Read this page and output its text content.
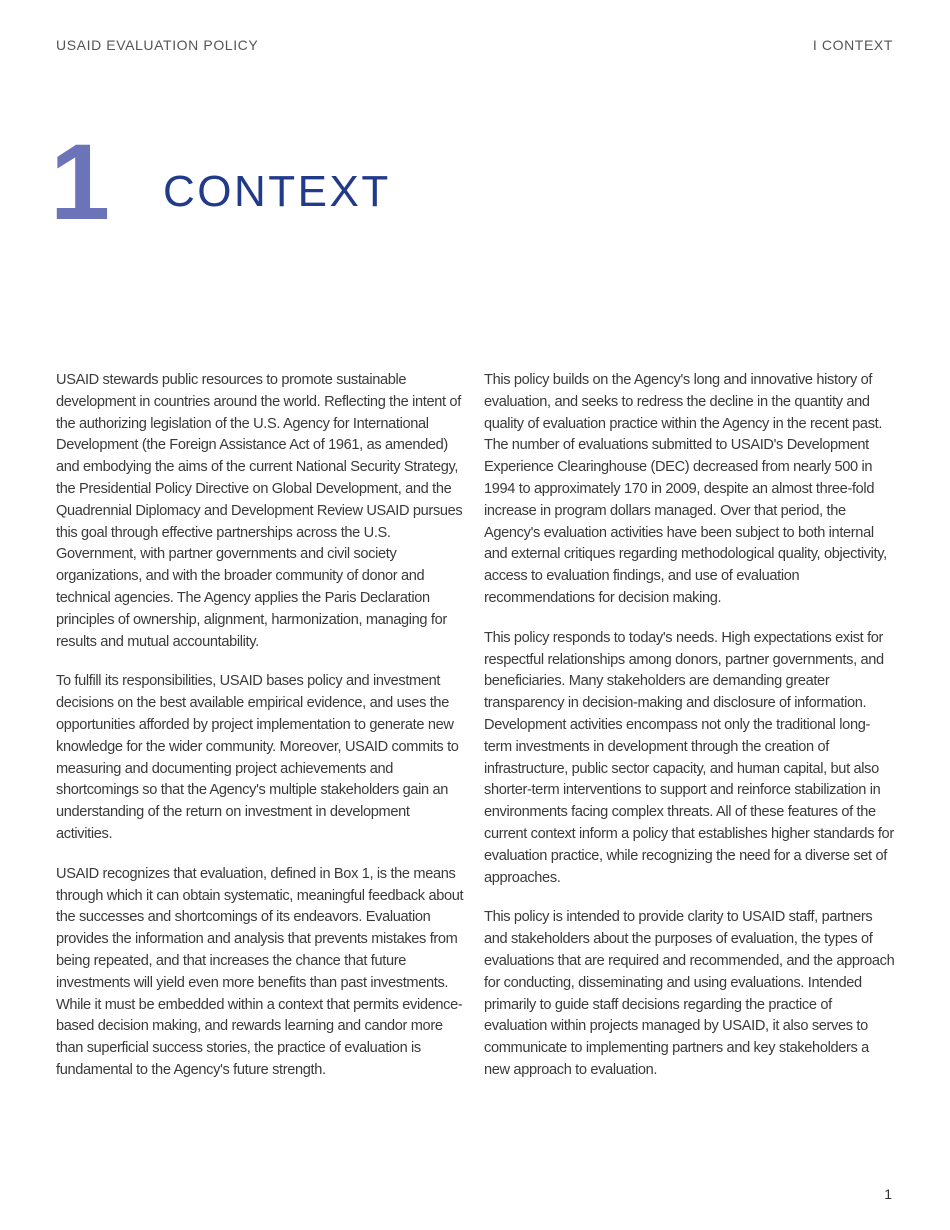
USAID EVALUATION POLICY	I CONTEXT
1 CONTEXT

USAID stewards public resources to promote sustainable development in countries around the world. Reflecting the intent of the authorizing legislation of the U.S. Agency for International Development (the Foreign Assistance Act of 1961, as amended) and embodying the aims of the current National Security Strategy, the Presidential Policy Directive on Global Development, and the Quadrennial Diplomacy and Development Review USAID pursues this goal through effective partnerships across the U.S. Government, with partner governments and civil society organizations, and with the broader community of donor and technical agencies. The Agency applies the Paris Declaration principles of ownership, alignment, harmonization, managing for results and mutual accountability.

To fulfill its responsibilities, USAID bases policy and investment decisions on the best available empirical evidence, and uses the opportunities afforded by project implementation to generate new knowledge for the wider community. Moreover, USAID commits to measuring and documenting project achievements and shortcomings so that the Agency's multiple stakeholders gain an understanding of the return on investment in development activities.

USAID recognizes that evaluation, defined in Box 1, is the means through which it can obtain systematic, meaningful feedback about the successes and shortcomings of its endeavors. Evaluation provides the information and analysis that prevents mistakes from being repeated, and that increases the chance that future investments will yield even more benefits than past investments. While it must be embedded within a context that permits evidence-based decision making, and rewards learning and candor more than superficial success stories, the practice of evaluation is fundamental to the Agency's future strength.

This policy builds on the Agency's long and innovative history of evaluation, and seeks to redress the decline in the quantity and quality of evaluation practice within the Agency in the recent past. The number of evaluations submitted to USAID's Development Experience Clearinghouse (DEC) decreased from nearly 500 in 1994 to approximately 170 in 2009, despite an almost three-fold increase in program dollars managed. Over that period, the Agency's evaluation activities have been subject to both internal and external critiques regarding methodological quality, objectivity, access to evaluation findings, and use of evaluation recommendations for decision making.

This policy responds to today's needs. High expectations exist for respectful relationships among donors, partner governments, and beneficiaries. Many stakeholders are demanding greater transparency in decision-making and disclosure of information. Development activities encompass not only the traditional long-term investments in development through the creation of infrastructure, public sector capacity, and human capital, but also shorter-term interventions to support and reinforce stabilization in environments facing complex threats. All of these features of the current context inform a policy that establishes higher standards for evaluation practice, while recognizing the need for a diverse set of approaches.

This policy is intended to provide clarity to USAID staff, partners and stakeholders about the purposes of evaluation, the types of evaluations that are required and recommended, and the approach for conducting, disseminating and using evaluations. Intended primarily to guide staff decisions regarding the practice of evaluation within projects managed by USAID, it also serves to communicate to implementing partners and key stakeholders a new approach to evaluation.

1
